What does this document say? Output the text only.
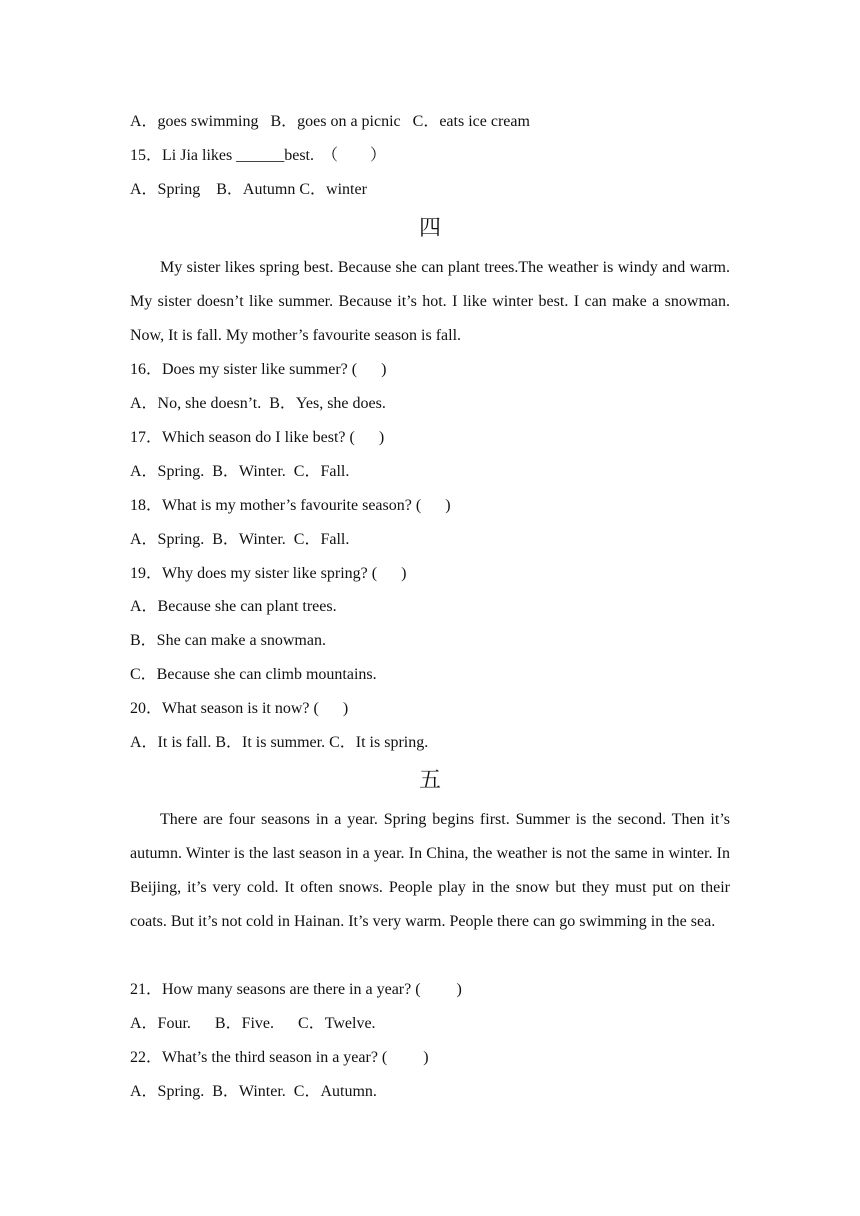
A．goes swimming   B．goes on a picnic   C．eats ice cream
15．Li Jia likes ______best.  （        ）
A．Spring    B．Autumn C．winter
四
My sister likes spring best. Because she can plant trees.The weather is windy and warm. My sister doesn’t like summer. Because it’s hot. I like winter best. I can make a snowman. Now, It is fall. My mother’s favourite season is fall.
16．Does my sister like summer? (      )
A．No, she doesn’t.  B．Yes, she does.
17．Which season do I like best? (      )
A．Spring.  B．Winter.  C．Fall.
18．What is my mother’s favourite season? (      )
A．Spring.  B．Winter.  C．Fall.
19．Why does my sister like spring? (      )
A．Because she can plant trees.
B．She can make a snowman.
C．Because she can climb mountains.
20．What season is it now? (      )
A．It is fall. B．It is summer. C．It is spring.
五
There are four seasons in a year. Spring begins first. Summer is the second. Then it’s autumn. Winter is the last season in a year. In China, the weather is not the same in winter. In Beijing, it’s very cold. It often snows. People play in the snow but they must put on their coats. But it’s not cold in Hainan. It’s very warm. People there can go swimming in the sea.
21．How many seasons are there in a year? (         )
A．Four.      B．Five.      C．Twelve.
22．What’s the third season in a year? (         )
A．Spring.  B．Winter.  C．Autumn.
